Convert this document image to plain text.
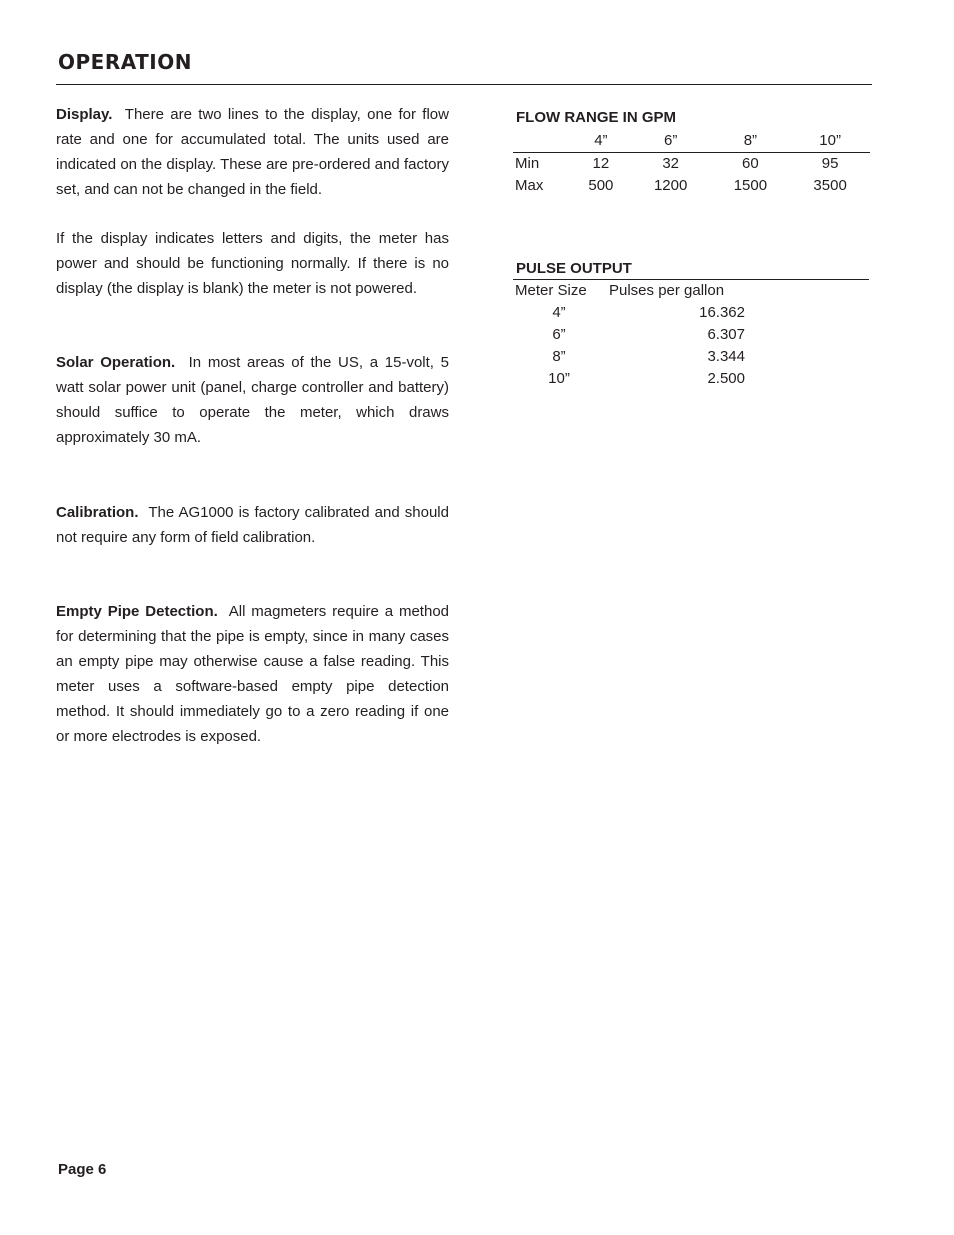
OPERATION

Display. There are two lines to the display, one for flow rate and one for accumulated total. The units used are indicated on the display. These are pre-ordered and factory set, and can not be changed in the field.

If the display indicates letters and digits, the meter has power and should be functioning normally. If there is no display (the display is blank) the meter is not powered.

Solar Operation. In most areas of the US, a 15-volt, 5 watt solar power unit (panel, charge controller and battery) should suffice to operate the meter, which draws approximately 30 mA.

Calibration. The AG1000 is factory calibrated and should not require any form of field calibration.

Empty Pipe Detection. All magmeters require a method for determining that the pipe is empty, since in many cases an empty pipe may otherwise cause a false reading. This meter uses a software-based empty pipe detection method. It should immediately go to a zero reading if one or more electrodes is exposed.

FLOW RANGE IN GPM

	4”	6”	8”	10”
Min	12	32	60	95
Max	500	1200	1500	3500

PULSE OUTPUT

Meter Size	Pulses per gallon
4”	16.362
6”	6.307
8”	3.344
10”	2.500

Page 6
